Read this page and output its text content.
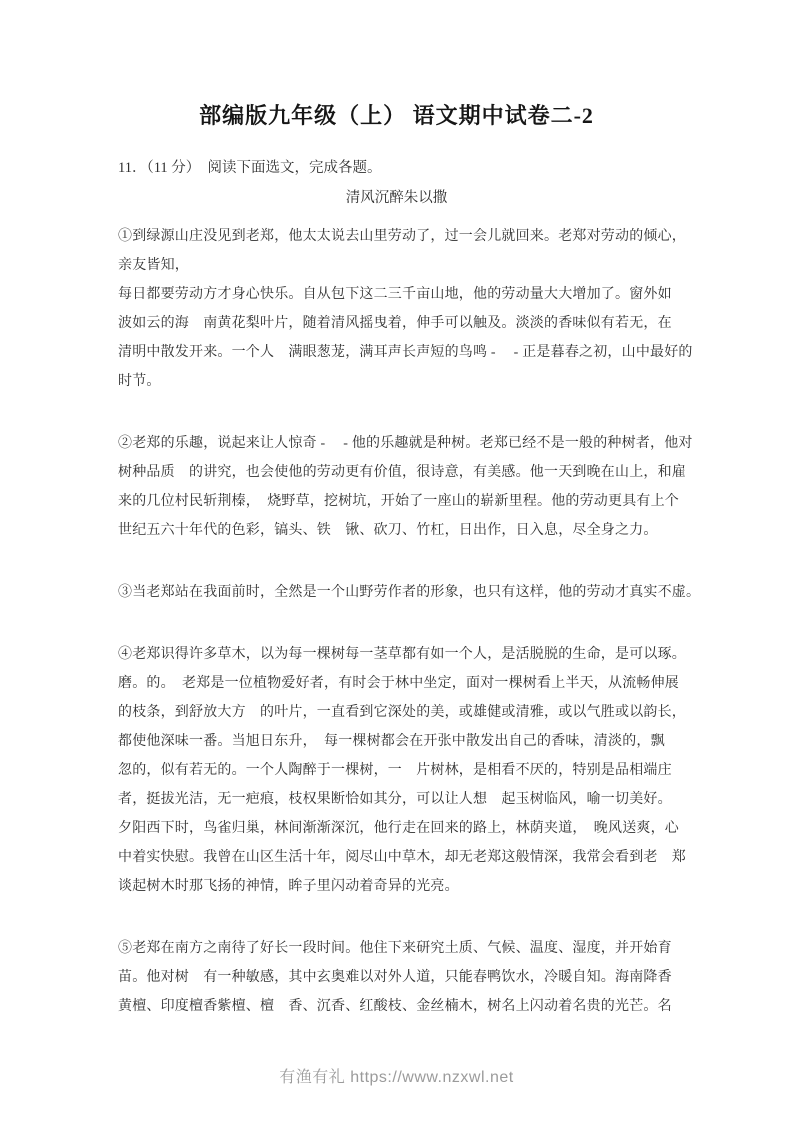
部编版九年级（上） 语文期中试卷二-2
11．（11 分）　阅读下面选文，完成各题。
清风沉醉朱以撒
①到绿源山庄没见到老郑，他太太说去山里劳动了，过一会儿就回来。老郑对劳动的倾心，
亲友皆知，
每日都要劳动方才身心快乐。自从包下这二三千亩山地，他的劳动量大大增加了。窗外如
波如云的海　南黄花梨叶片，随着清风摇曳着，伸手可以触及。淡淡的香味似有若无，在
清明中散发开来。一个人　满眼葱茏，满耳声长声短的鸟鸣 - 　- 正是暮春之初，山中最好的
时节。
②老郑的乐趣，说起来让人惊奇 - 　- 他的乐趣就是种树。老郑已经不是一般的种树者，他对
树种品质　的讲究，也会使他的劳动更有价值，很诗意，有美感。他一天到晚在山上，和雇
来的几位村民斩荆榛，　烧野草，挖树坑，开始了一座山的崭新里程。他的劳动更具有上个
世纪五六十年代的色彩，镐头、铁　锹、砍刀、竹杠，日出作，日入息，尽全身之力。
③当老郑站在我面前时，全然是一个山野劳作者的形象，也只有这样，他的劳动才真实不虚。
④老郑识得许多草木，以为每一棵树每一茎草都有如一个人，是活脱脱的生命，是可以琢。
磨。的。　老郑是一位植物爱好者，有时会于林中坐定，面对一棵树看上半天，从流畅伸展
的枝条，到舒放大方　的叶片，一直看到它深处的美，或雄健或清雅，或以气胜或以韵长，
都使他深味一番。当旭日东升，　每一棵树都会在开张中散发出自己的香味，清淡的，飘
忽的，似有若无的。一个人陶醉于一棵树，一　片树林，是相看不厌的，特别是品相端庄
者，挺拔光洁，无一疤痕，枝权果断恰如其分，可以让人想　起玉树临风，喻一切美好。
夕阳西下时，鸟雀归巢，林间渐渐深沉，他行走在回来的路上，林荫夹道，　晚风送爽，心
中着实快慰。我曾在山区生活十年，阅尽山中草木，却无老郑这般情深，我常会看到老　郑
谈起树木时那飞扬的神情，眸子里闪动着奇异的光亮。
⑤老郑在南方之南待了好长一段时间。他住下来研究土质、气候、温度、湿度，并开始育
苗。他对树　有一种敏感，其中玄奥难以对外人道，只能春鸭饮水，冷暖自知。海南降香
黄檀、印度檀香紫檀、檀　香、沉香、红酸枝、金丝楠木，树名上闪动着名贵的光芒。名
有渔有礼 https://www.nzxwl.net
